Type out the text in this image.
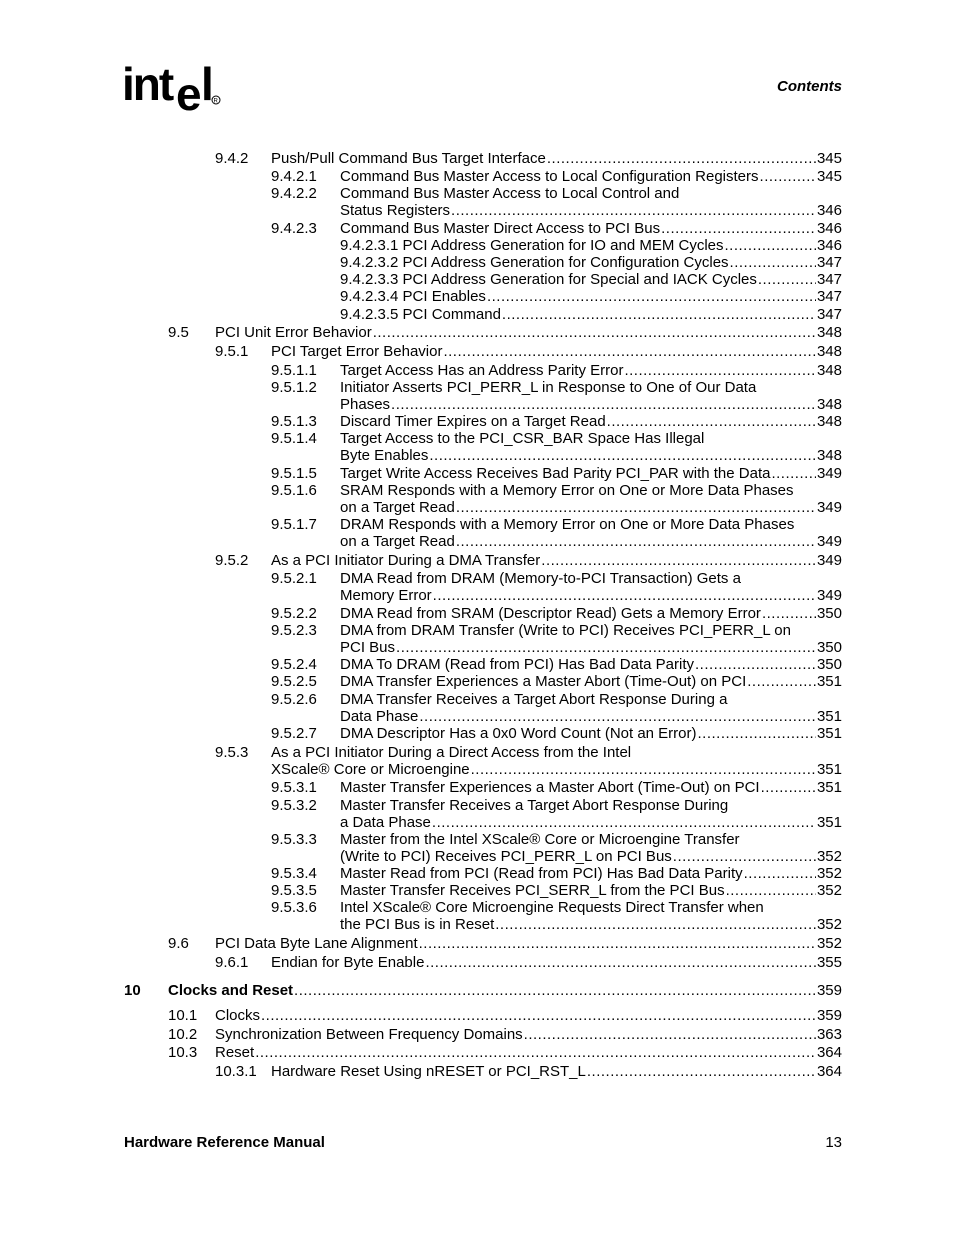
int e l R
Contents
9.4.2 Push/Pull Command Bus Target Interface .....	345
9.4.2.1 Command Bus Master Access to Local Configuration Registers .....	345
9.4.2.2 Command Bus Master Access to Local Control and
Status Registers .....	346
9.4.2.3 Command Bus Master Direct Access to PCI Bus .....	346
9.4.2.3.1 PCI Address Generation for IO and MEM Cycles .....	346
9.4.2.3.2 PCI Address Generation for Configuration Cycles .....	347
9.4.2.3.3 PCI Address Generation for Special and IACK Cycles .....	347
9.4.2.3.4 PCI Enables .....	347
9.4.2.3.5 PCI Command .....	347
9.5 PCI Unit Error Behavior .....	348
9.5.1 PCI Target Error Behavior .....	348
9.5.1.1 Target Access Has an Address Parity Error .....	348
9.5.1.2 Initiator Asserts PCI_PERR_L in Response to One of Our Data
Phases .....	348
9.5.1.3 Discard Timer Expires on a Target Read .....	348
9.5.1.4 Target Access to the PCI_CSR_BAR Space Has Illegal
Byte Enables .....	348
9.5.1.5 Target Write Access Receives Bad Parity PCI_PAR with the Data .....	349
9.5.1.6 SRAM Responds with a Memory Error on One or More Data Phases
on a Target Read .....	349
9.5.1.7 DRAM Responds with a Memory Error on One or More Data Phases
on a Target Read .....	349
9.5.2 As a PCI Initiator During a DMA Transfer .....	349
9.5.2.1 DMA Read from DRAM (Memory-to-PCI Transaction) Gets a
Memory Error .....	349
9.5.2.2 DMA Read from SRAM (Descriptor Read) Gets a Memory Error .....	350
9.5.2.3 DMA from DRAM Transfer (Write to PCI) Receives PCI_PERR_L on
PCI Bus .....	350
9.5.2.4 DMA To DRAM (Read from PCI) Has Bad Data Parity .....	350
9.5.2.5 DMA Transfer Experiences a Master Abort (Time-Out) on PCI .....	351
9.5.2.6 DMA Transfer Receives a Target Abort Response During a
Data Phase .....	351
9.5.2.7 DMA Descriptor Has a 0x0 Word Count (Not an Error) .....	351
9.5.3 As a PCI Initiator During a Direct Access from the Intel
XScale® Core or Microengine .....	351
9.5.3.1 Master Transfer Experiences a Master Abort (Time-Out) on PCI .....	351
9.5.3.2 Master Transfer Receives a Target Abort Response During
a Data Phase .....	351
9.5.3.3 Master from the Intel XScale® Core or Microengine Transfer
(Write to PCI) Receives PCI_PERR_L on PCI Bus .....	352
9.5.3.4 Master Read from PCI (Read from PCI) Has Bad Data Parity .....	352
9.5.3.5 Master Transfer Receives PCI_SERR_L from the PCI Bus .....	352
9.5.3.6 Intel XScale® Core Microengine Requests Direct Transfer when
the PCI Bus is in Reset .....	352
9.6 PCI Data Byte Lane Alignment .....	352
9.6.1 Endian for Byte Enable .....	355
10 Clocks and Reset .....	359
10.1 Clocks .....	359
10.2 Synchronization Between Frequency Domains .....	363
10.3 Reset .....	364
10.3.1 Hardware Reset Using nRESET or PCI_RST_L .....	364
Hardware Reference Manual	13
